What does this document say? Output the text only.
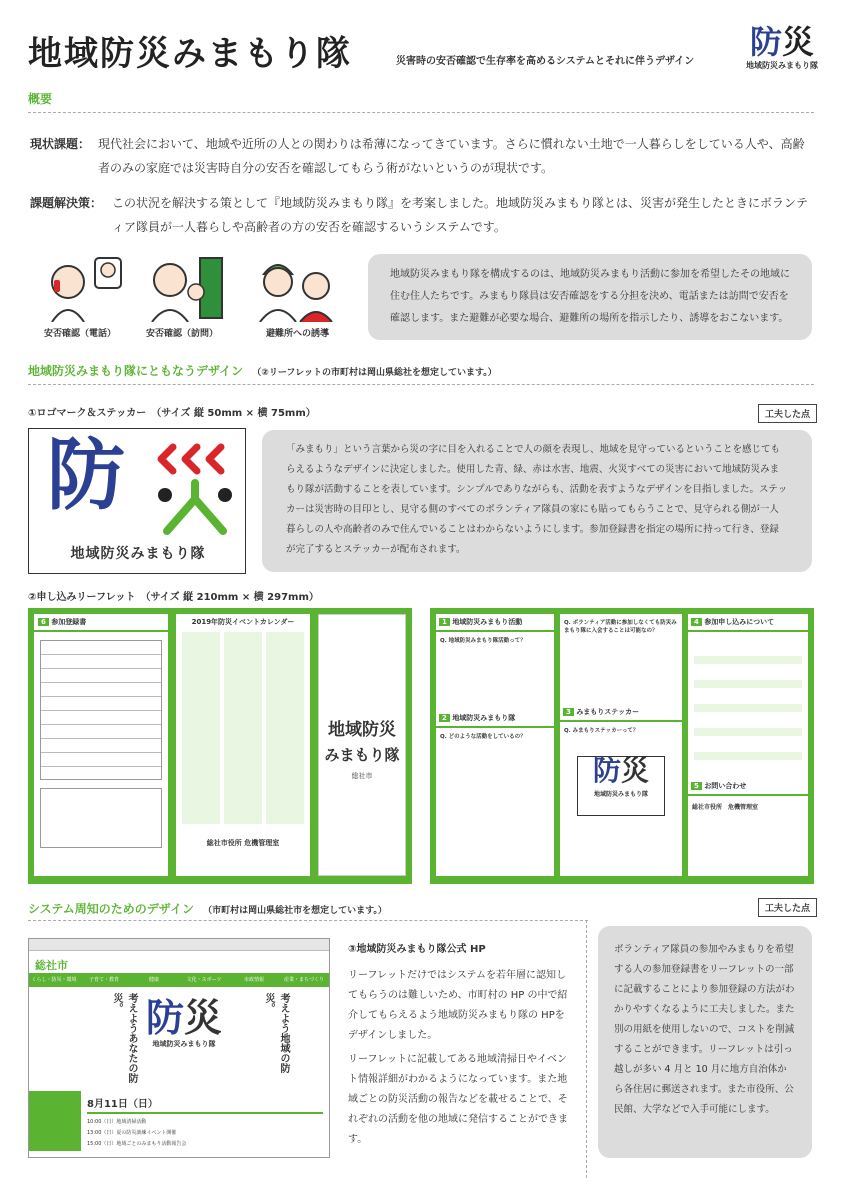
地域防災みまもり隊	災害時の安否確認で生存率を高めるシステムとそれに伴うデザイン
防災
地域防災みまもり隊
概要
現状課題： 現代社会において、地域や近所の人との関わりは希薄になってきています。さらに慣れない土地で一人暮らしをしている人や、高齢者のみの家庭では災害時自分の安否を確認してもらう術がないというのが現状です。
課題解決策： この状況を解決する策として『地域防災みまもり隊』を考案しました。地域防災みまもり隊とは、災害が発生したときにボランティア隊員が一人暮らしや高齢者の方の安否を確認するいうシステムです。
安否確認（電話）	安否確認（訪問）	避難所への誘導
地域防災みまもり隊を構成するのは、地域防災みまもり活動に参加を希望したその地域に住む住人たちです。みまもり隊員は安否確認をする分担を決め、電話または訪問で安否を確認します。また避難が必要な場合、避難所の場所を指示したり、誘導をおこないます。
地域防災みまもり隊にともなうデザイン （②リーフレットの市町村は岡山県総社を想定しています。）
①ロゴマーク＆ステッカー　（サイズ 縦 50mm × 横 75mm）	工夫した点
防
地域防災みまもり隊
「みまもり」という言葉から災の字に目を入れることで人の顔を表現し、地域を見守っているということを感じてもらえるようなデザインに決定しました。使用した青、緑、赤は水害、地震、火災すべての災害において地域防災みまもり隊が活動することを表しています。シンプルでありながらも、活動を表すようなデザインを目指しました。ステッカーは災害時の目印とし、見守る側のすべてのボランティア隊員の家にも貼ってもらうことで、見守られる側が一人暮らしの人や高齢者のみで住んでいることはわからないようにします。参加登録書を指定の場所に持って行き、登録が完了するとステッカーが配布されます。
②申し込みリーフレット　（サイズ 縦 210mm × 横 297mm）
6 参加登録書	2019年防災イベントカレンダー
総社市役所 危機管理室
地域防災
みまもり隊
総社市
1 地域防災みまもり活動
Q. 地域防災みまもり隊活動って？
2 地域防災みまもり隊
Q. どのような活動をしているの？
Q. ボランティア活動に参加しなくても防災みまもり隊に入会することは可能なの？
3 みまもりステッカー
Q. みまもりステッカーって？
防災
地域防災みまもり隊
4 参加申し込みについて
5 お問い合わせ
総社市役所　危機管理室
システム周知のためのデザイン （市町村は岡山県総社市を想定しています。）	工夫した点
総社市
くらし・防災・環境	子育て・教育	健康	文化・スポーツ	市政情報	産業・まちづくり
考えようあなたの防災。 防災
地域防災みまもり隊	考えよう地域の防災。
8月11日（日）
10:00（日）地域清掃活動
13:00（日）夏の防災訓練イベント開催
15:00（日）地域ごとのみまもり活動報告会
③地域防災みまもり隊公式 HP
リーフレットだけではシステムを若年層に認知してもらうのは難しいため、市町村の HP の中で紹介してもらえるよう地域防災みまもり隊の HPをデザインしました。
リーフレットに記載してある地域清掃日やイベント情報詳細がわかるようになっています。また地域ごとの防災活動の報告などを載せることで、それぞれの活動を他の地域に発信することができます。
ボランティア隊員の参加やみまもりを希望する人の参加登録書をリーフレットの一部に記載することにより参加登録の方法がわかりやすくなるように工夫しました。また別の用紙を使用しないので、コストを削減することができます。リーフレットは引っ越しが多い 4 月と 10 月に地方自治体から各住居に郵送されます。また市役所、公民館、大学などで入手可能にします。
